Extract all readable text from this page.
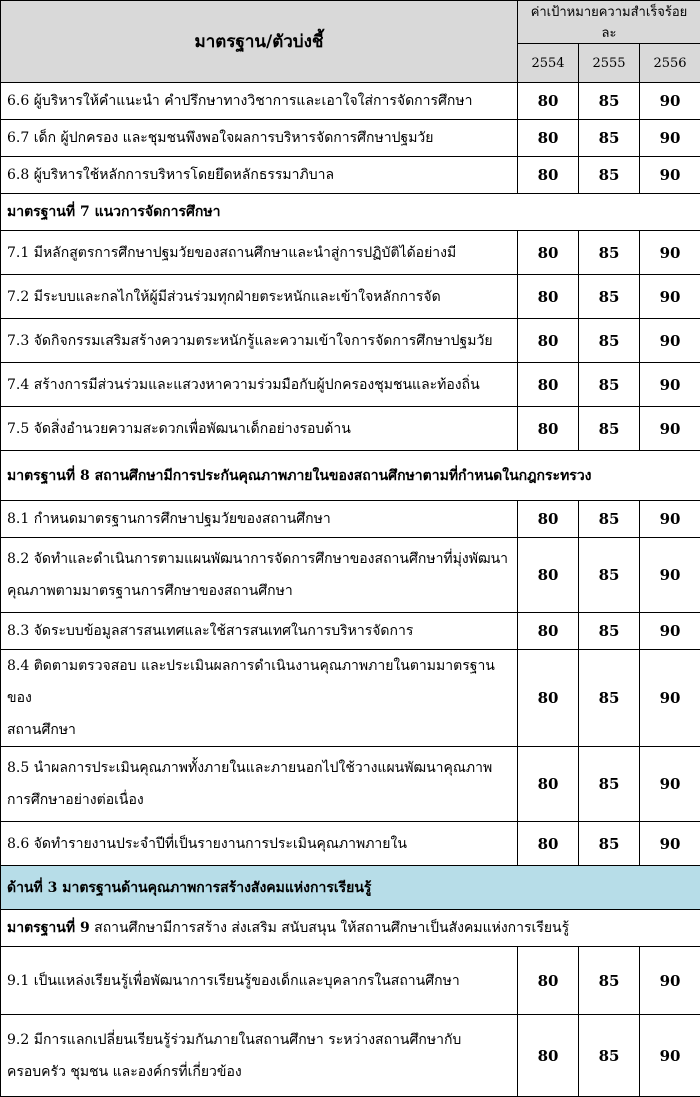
มาตรฐาน/ตัวบ่งชี้	ค่าเป้าหมายความสำเร็จร้อยละ		
	2554	2555	2556
6.6 ผู้บริหารให้คำแนะนำ คำปรึกษาทางวิชาการและเอาใจใส่การจัดการศึกษา	80	85	90
6.7 เด็ก ผู้ปกครอง และชุมชนพึงพอใจผลการบริหารจัดการศึกษาปฐมวัย	80	85	90
6.8 ผู้บริหารใช้หลักการบริหารโดยยึดหลักธรรมาภิบาล	80	85	90
มาตรฐานที่ 7 แนวการจัดการศึกษา			
7.1 มีหลักสูตรการศึกษาปฐมวัยของสถานศึกษาและนำสู่การปฏิบัติได้อย่างมี	80	85	90
7.2 มีระบบและกลไกให้ผู้มีส่วนร่วมทุกฝ่ายตระหนักและเข้าใจหลักการจัด	80	85	90
7.3 จัดกิจกรรมเสริมสร้างความตระหนักรู้และความเข้าใจการจัดการศึกษาปฐมวัย	80	85	90
7.4 สร้างการมีส่วนร่วมและแสวงหาความร่วมมือกับผู้ปกครองชุมชนและท้องถิ่น	80	85	90
7.5 จัดสิ่งอำนวยความสะดวกเพื่อพัฒนาเด็กอย่างรอบด้าน	80	85	90
มาตรฐานที่ 8 สถานศึกษามีการประกันคุณภาพภายในของสถานศึกษาตามที่กำหนดในกฎกระทรวง			
8.1 กำหนดมาตรฐานการศึกษาปฐมวัยของสถานศึกษา	80	85	90

8.2 จัดทำและดำเนินการตามแผนพัฒนาการจัดการศึกษาของสถานศึกษาที่มุ่งพัฒนา
คุณภาพตามมาตรฐานการศึกษาของสถานศึกษา	80	85	90
8.3 จัดระบบข้อมูลสารสนเทศและใช้สารสนเทศในการบริหารจัดการ	80	85	90

8.4 ติดตามตรวจสอบ และประเมินผลการดำเนินงานคุณภาพภายในตามมาตรฐานของ
สถานศึกษา	80	85	90

8.5 นำผลการประเมินคุณภาพทั้งภายในและภายนอกไปใช้วางแผนพัฒนาคุณภาพ
การศึกษาอย่างต่อเนื่อง	80	85	90
8.6 จัดทำรายงานประจำปีที่เป็นรายงานการประเมินคุณภาพภายใน	80	85	90
ด้านที่ 3 มาตรฐานด้านคุณภาพการสร้างสังคมแห่งการเรียนรู้			
มาตรฐานที่ 9 สถานศึกษามีการสร้าง ส่งเสริม สนับสนุน ให้สถานศึกษาเป็นสังคมแห่งการเรียนรู้			
9.1 เป็นแหล่งเรียนรู้เพื่อพัฒนาการเรียนรู้ของเด็กและบุคลากรในสถานศึกษา	80	85	90

9.2 มีการแลกเปลี่ยนเรียนรู้ร่วมกันภายในสถานศึกษา ระหว่างสถานศึกษากับ
ครอบครัว ชุมชน และองค์กรที่เกี่ยวข้อง	80	85	90
